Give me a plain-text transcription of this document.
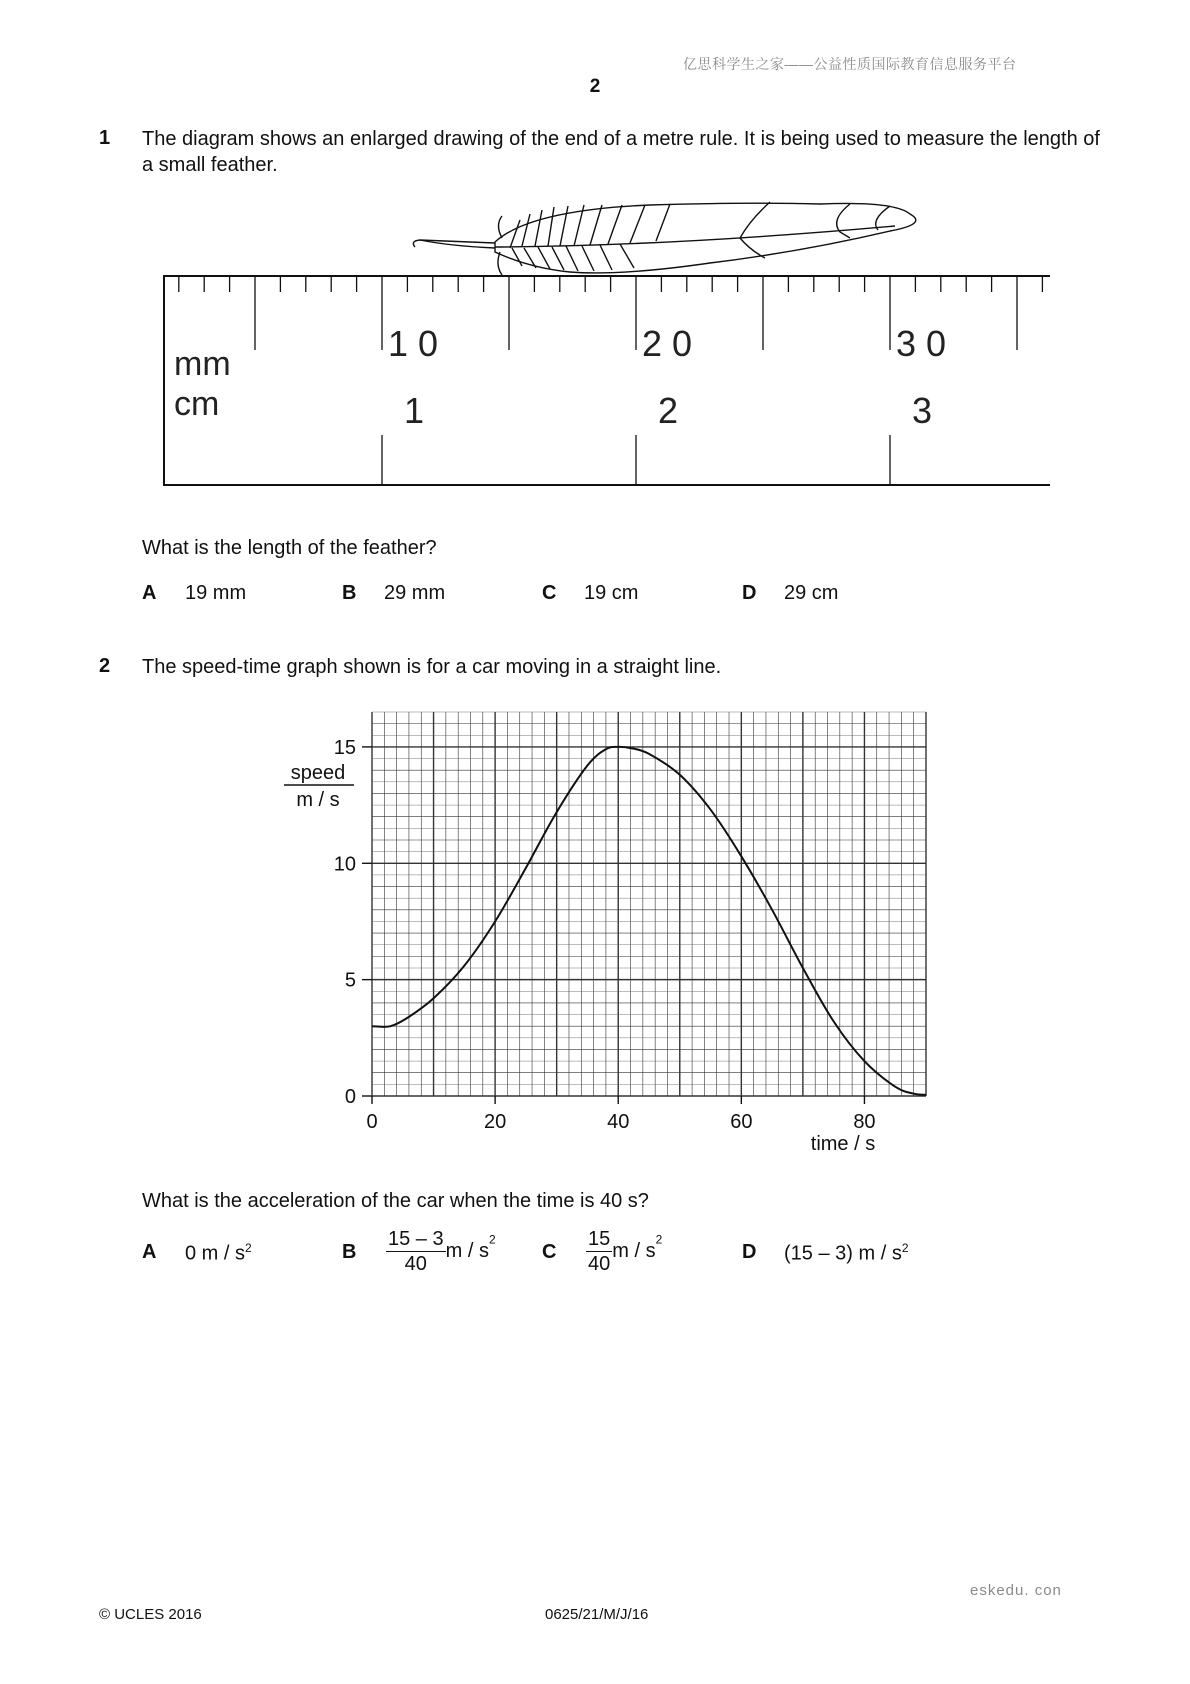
亿思科学生之家——公益性质国际教育信息服务平台
2
1 The diagram shows an enlarged drawing of the end of a metre rule. It is being used to measure the length of a small feather.
mm
cm
10	20	30
1	2	3
What is the length of the feather?
A 19 mm	B 29 mm	C 19 cm	D 29 cm
2 The speed-time graph shown is for a car moving in a straight line.
0
5
10
15
0	20	40	60	80
speed
m / s
time / s
What is the acceleration of the car when the time is 40 s?
A 0 m / $s^2$	B $\frac{15 - 3}{40}$ m / $s^2$
C $\frac{15}{40}$ m / $s^2$
D (15 – 3) m / $s^2$
eskedu. con
© UCLES 2016	0625/21/M/J/16
